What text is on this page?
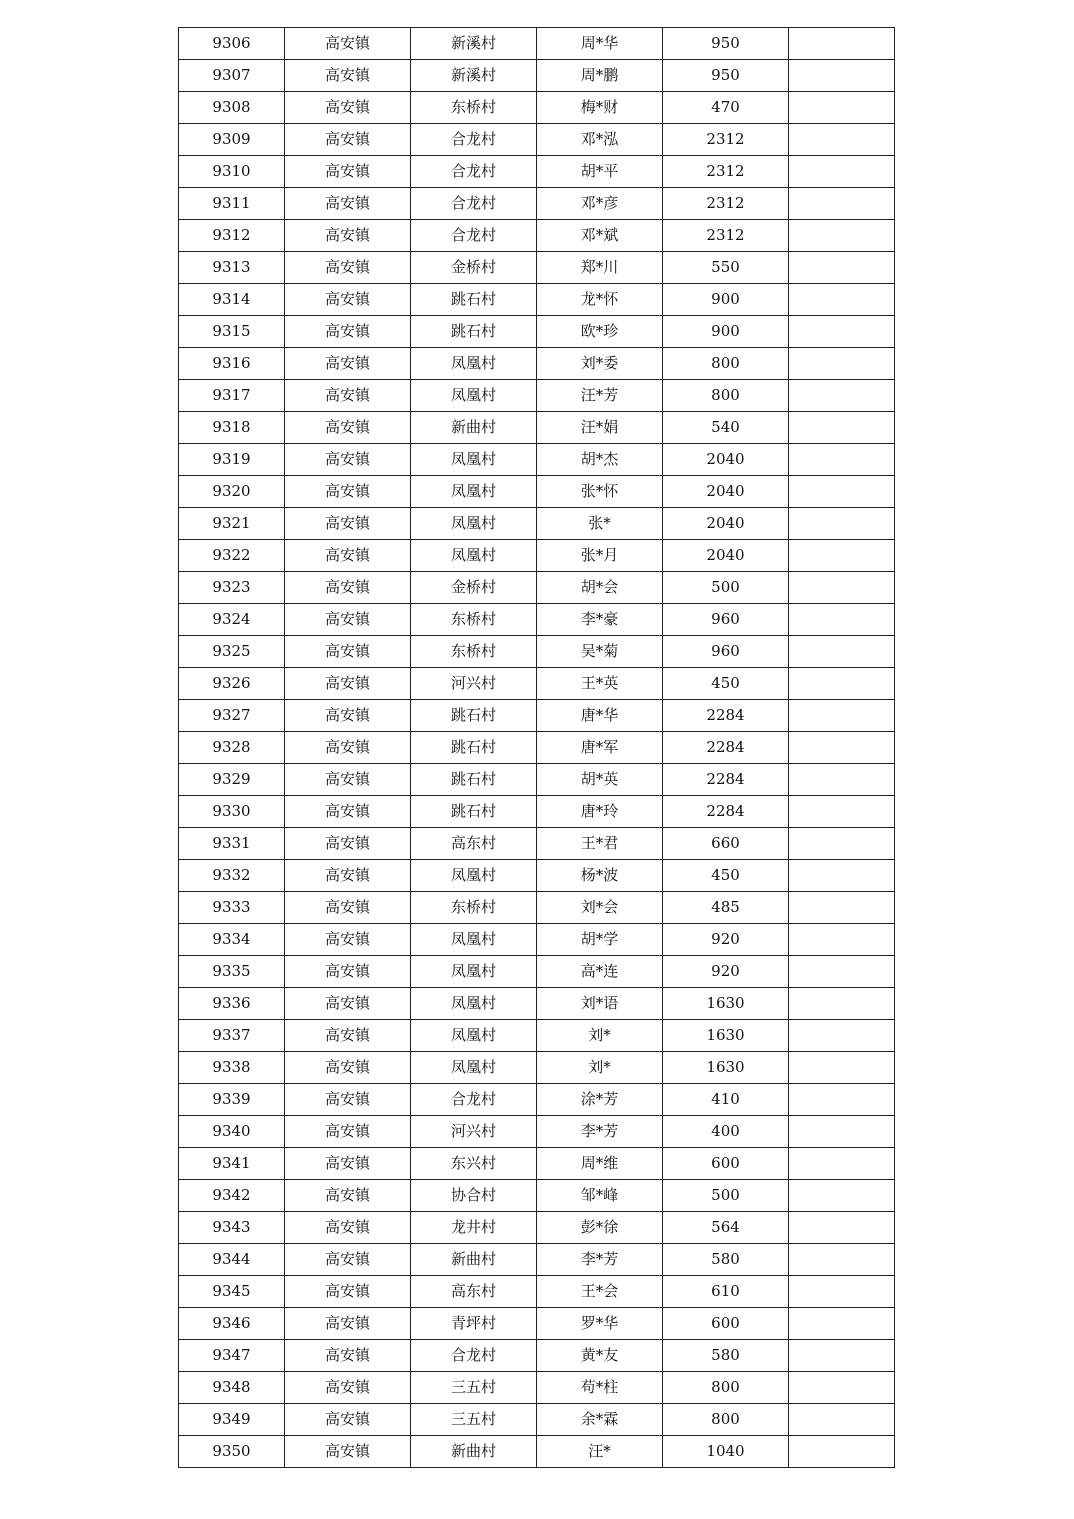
9306	高安镇	新溪村	周*华	950	
9307	高安镇	新溪村	周*鹏	950	
9308	高安镇	东桥村	梅*财	470	
9309	高安镇	合龙村	邓*泓	2312	
9310	高安镇	合龙村	胡*平	2312	
9311	高安镇	合龙村	邓*彦	2312	
9312	高安镇	合龙村	邓*斌	2312	
9313	高安镇	金桥村	郑*川	550	
9314	高安镇	跳石村	龙*怀	900	
9315	高安镇	跳石村	欧*珍	900	
9316	高安镇	凤凰村	刘*委	800	
9317	高安镇	凤凰村	汪*芳	800	
9318	高安镇	新曲村	汪*娟	540	
9319	高安镇	凤凰村	胡*杰	2040	
9320	高安镇	凤凰村	张*怀	2040	
9321	高安镇	凤凰村	张*	2040	
9322	高安镇	凤凰村	张*月	2040	
9323	高安镇	金桥村	胡*会	500	
9324	高安镇	东桥村	李*豪	960	
9325	高安镇	东桥村	吴*菊	960	
9326	高安镇	河兴村	王*英	450	
9327	高安镇	跳石村	唐*华	2284	
9328	高安镇	跳石村	唐*军	2284	
9329	高安镇	跳石村	胡*英	2284	
9330	高安镇	跳石村	唐*玲	2284	
9331	高安镇	高东村	王*君	660	
9332	高安镇	凤凰村	杨*波	450	
9333	高安镇	东桥村	刘*会	485	
9334	高安镇	凤凰村	胡*学	920	
9335	高安镇	凤凰村	高*连	920	
9336	高安镇	凤凰村	刘*语	1630	
9337	高安镇	凤凰村	刘*	1630	
9338	高安镇	凤凰村	刘*	1630	
9339	高安镇	合龙村	涂*芳	410	
9340	高安镇	河兴村	李*芳	400	
9341	高安镇	东兴村	周*维	600	
9342	高安镇	协合村	邹*峰	500	
9343	高安镇	龙井村	彭*徐	564	
9344	高安镇	新曲村	李*芳	580	
9345	高安镇	高东村	王*会	610	
9346	高安镇	青坪村	罗*华	600	
9347	高安镇	合龙村	黄*友	580	
9348	高安镇	三五村	苟*柱	800	
9349	高安镇	三五村	余*霖	800	
9350	高安镇	新曲村	汪*	1040	
